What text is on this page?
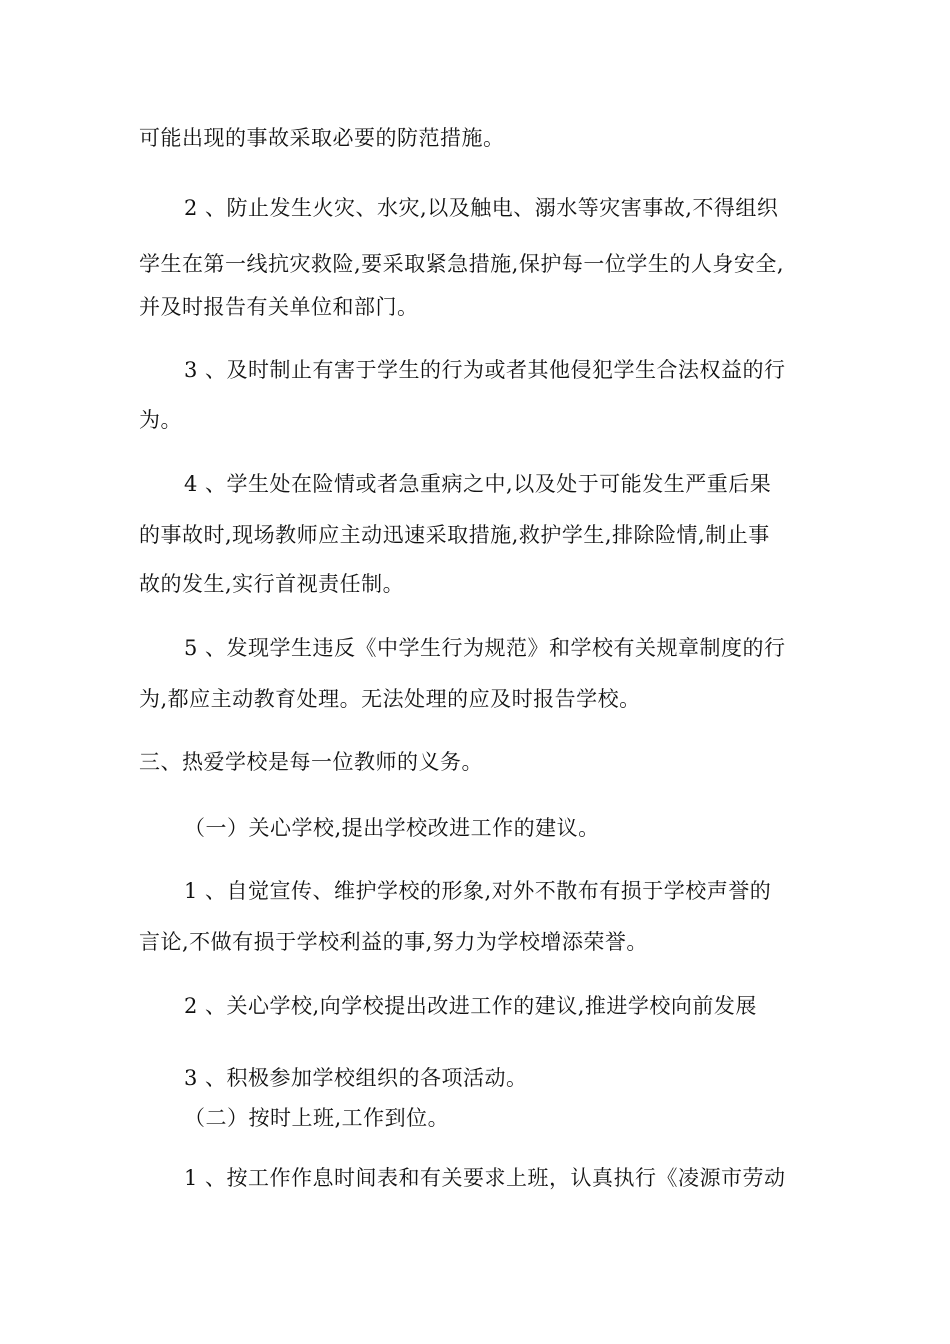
可能出现的事故采取必要的防范措施。
2 、防止发生火灾、水灾,以及触电、溺水等灾害事故,不得组织
学生在第一线抗灾救险,要采取紧急措施,保护每一位学生的人身安全,
并及时报告有关单位和部门。
3 、及时制止有害于学生的行为或者其他侵犯学生合法权益的行
为。
4 、学生处在险情或者急重病之中,以及处于可能发生严重后果
的事故时,现场教师应主动迅速采取措施,救护学生,排除险情,制止事
故的发生,实行首视责任制。
5 、发现学生违反《中学生行为规范》和学校有关规章制度的行
为,都应主动教育处理。无法处理的应及时报告学校。
三、热爱学校是每一位教师的义务。
（一）关心学校,提出学校改进工作的建议。
1 、自觉宣传、维护学校的形象,对外不散布有损于学校声誉的
言论,不做有损于学校利益的事,努力为学校增添荣誉。
2 、关心学校,向学校提出改进工作的建议,推进学校向前发展
3 、积极参加学校组织的各项活动。
（二）按时上班,工作到位。
1 、按工作作息时间表和有关要求上班，认真执行《凌源市劳动
